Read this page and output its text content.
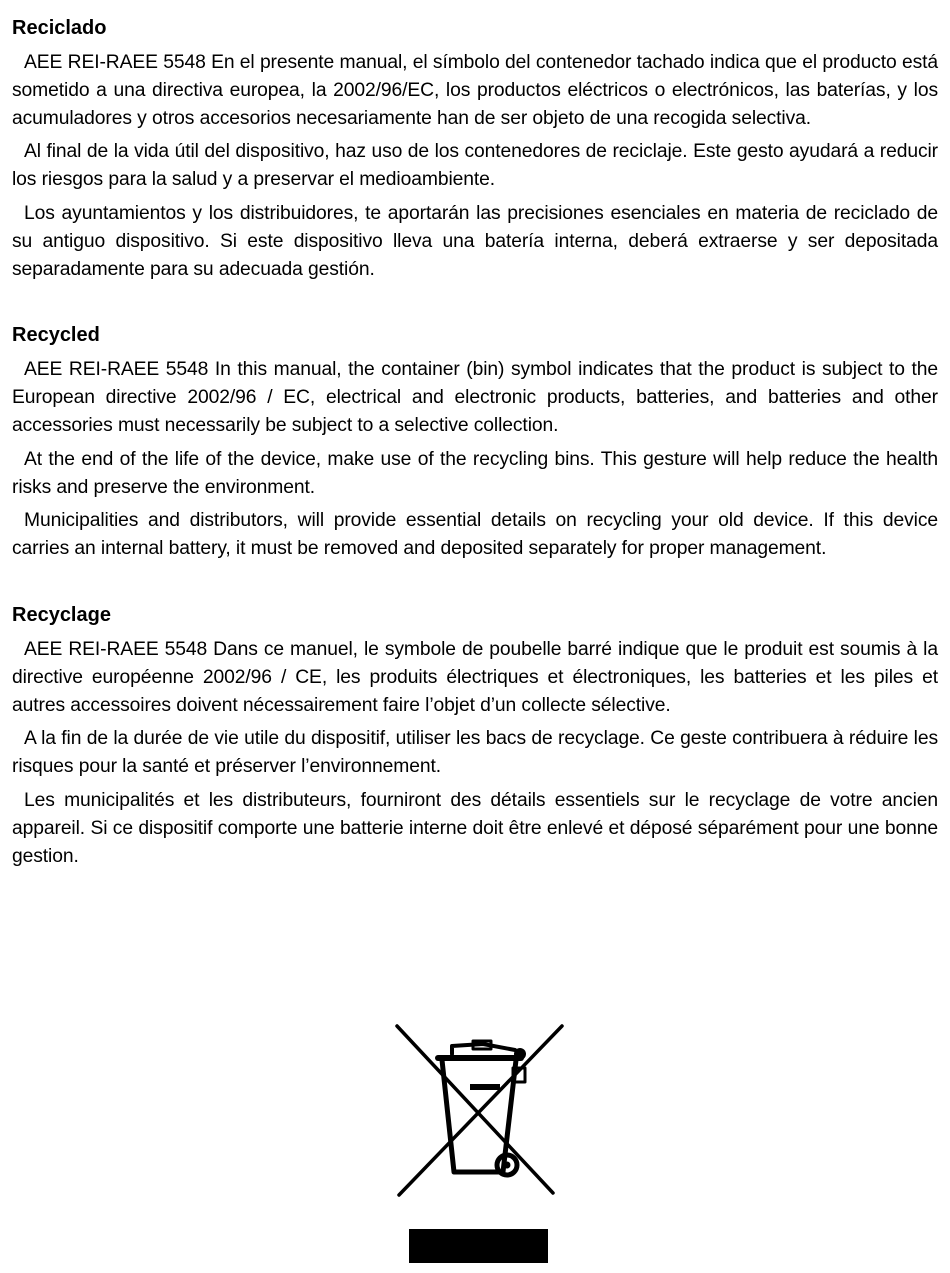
Reciclado

AEE REI-RAEE 5548 En el presente manual, el símbolo del contenedor tachado indica que el producto está sometido a una directiva europea, la 2002/96/EC, los productos eléctricos o electrónicos, las baterías, y los acumuladores y otros accesorios necesariamente han de ser objeto de una recogida selectiva.

Al final de la vida útil del dispositivo, haz uso de los contenedores de reciclaje. Este gesto ayudará a reducir los riesgos para la salud y a preservar el medioambiente.

Los ayuntamientos y los distribuidores, te aportarán las precisiones esenciales en materia de reciclado de su antiguo dispositivo. Si este dispositivo lleva una batería interna, deberá extraerse y ser depositada separadamente para su adecuada gestión.

Recycled

AEE REI-RAEE 5548 In this manual, the container (bin) symbol indicates that the product is subject to the European directive 2002/96 / EC, electrical and electronic products, batteries, and batteries and other accessories must necessarily be subject to a selective collection.

At the end of the life of the device, make use of the recycling bins. This gesture will help reduce the health risks and preserve the environment.

Municipalities and distributors, will provide essential details on recycling your old device. If this device carries an internal battery, it must be removed and deposited separately for proper management.

Recyclage

AEE REI-RAEE 5548 Dans ce manuel, le symbole de poubelle barré indique que le produit est soumis à la directive européenne 2002/96 / CE, les produits électriques et électroniques, les batteries et les piles et autres accessoires doivent nécessairement faire l’objet d’un collecte sélective.

A la fin de la durée de vie utile du dispositif, utiliser les bacs de recyclage. Ce geste contribuera à réduire les risques pour la santé et préserver l’environnement.

Les municipalités et les distributeurs, fourniront des détails essentiels sur le recyclage de votre ancien appareil. Si ce dispositif comporte une batterie interne doit être enlevé et déposé séparément pour une bonne gestion.
